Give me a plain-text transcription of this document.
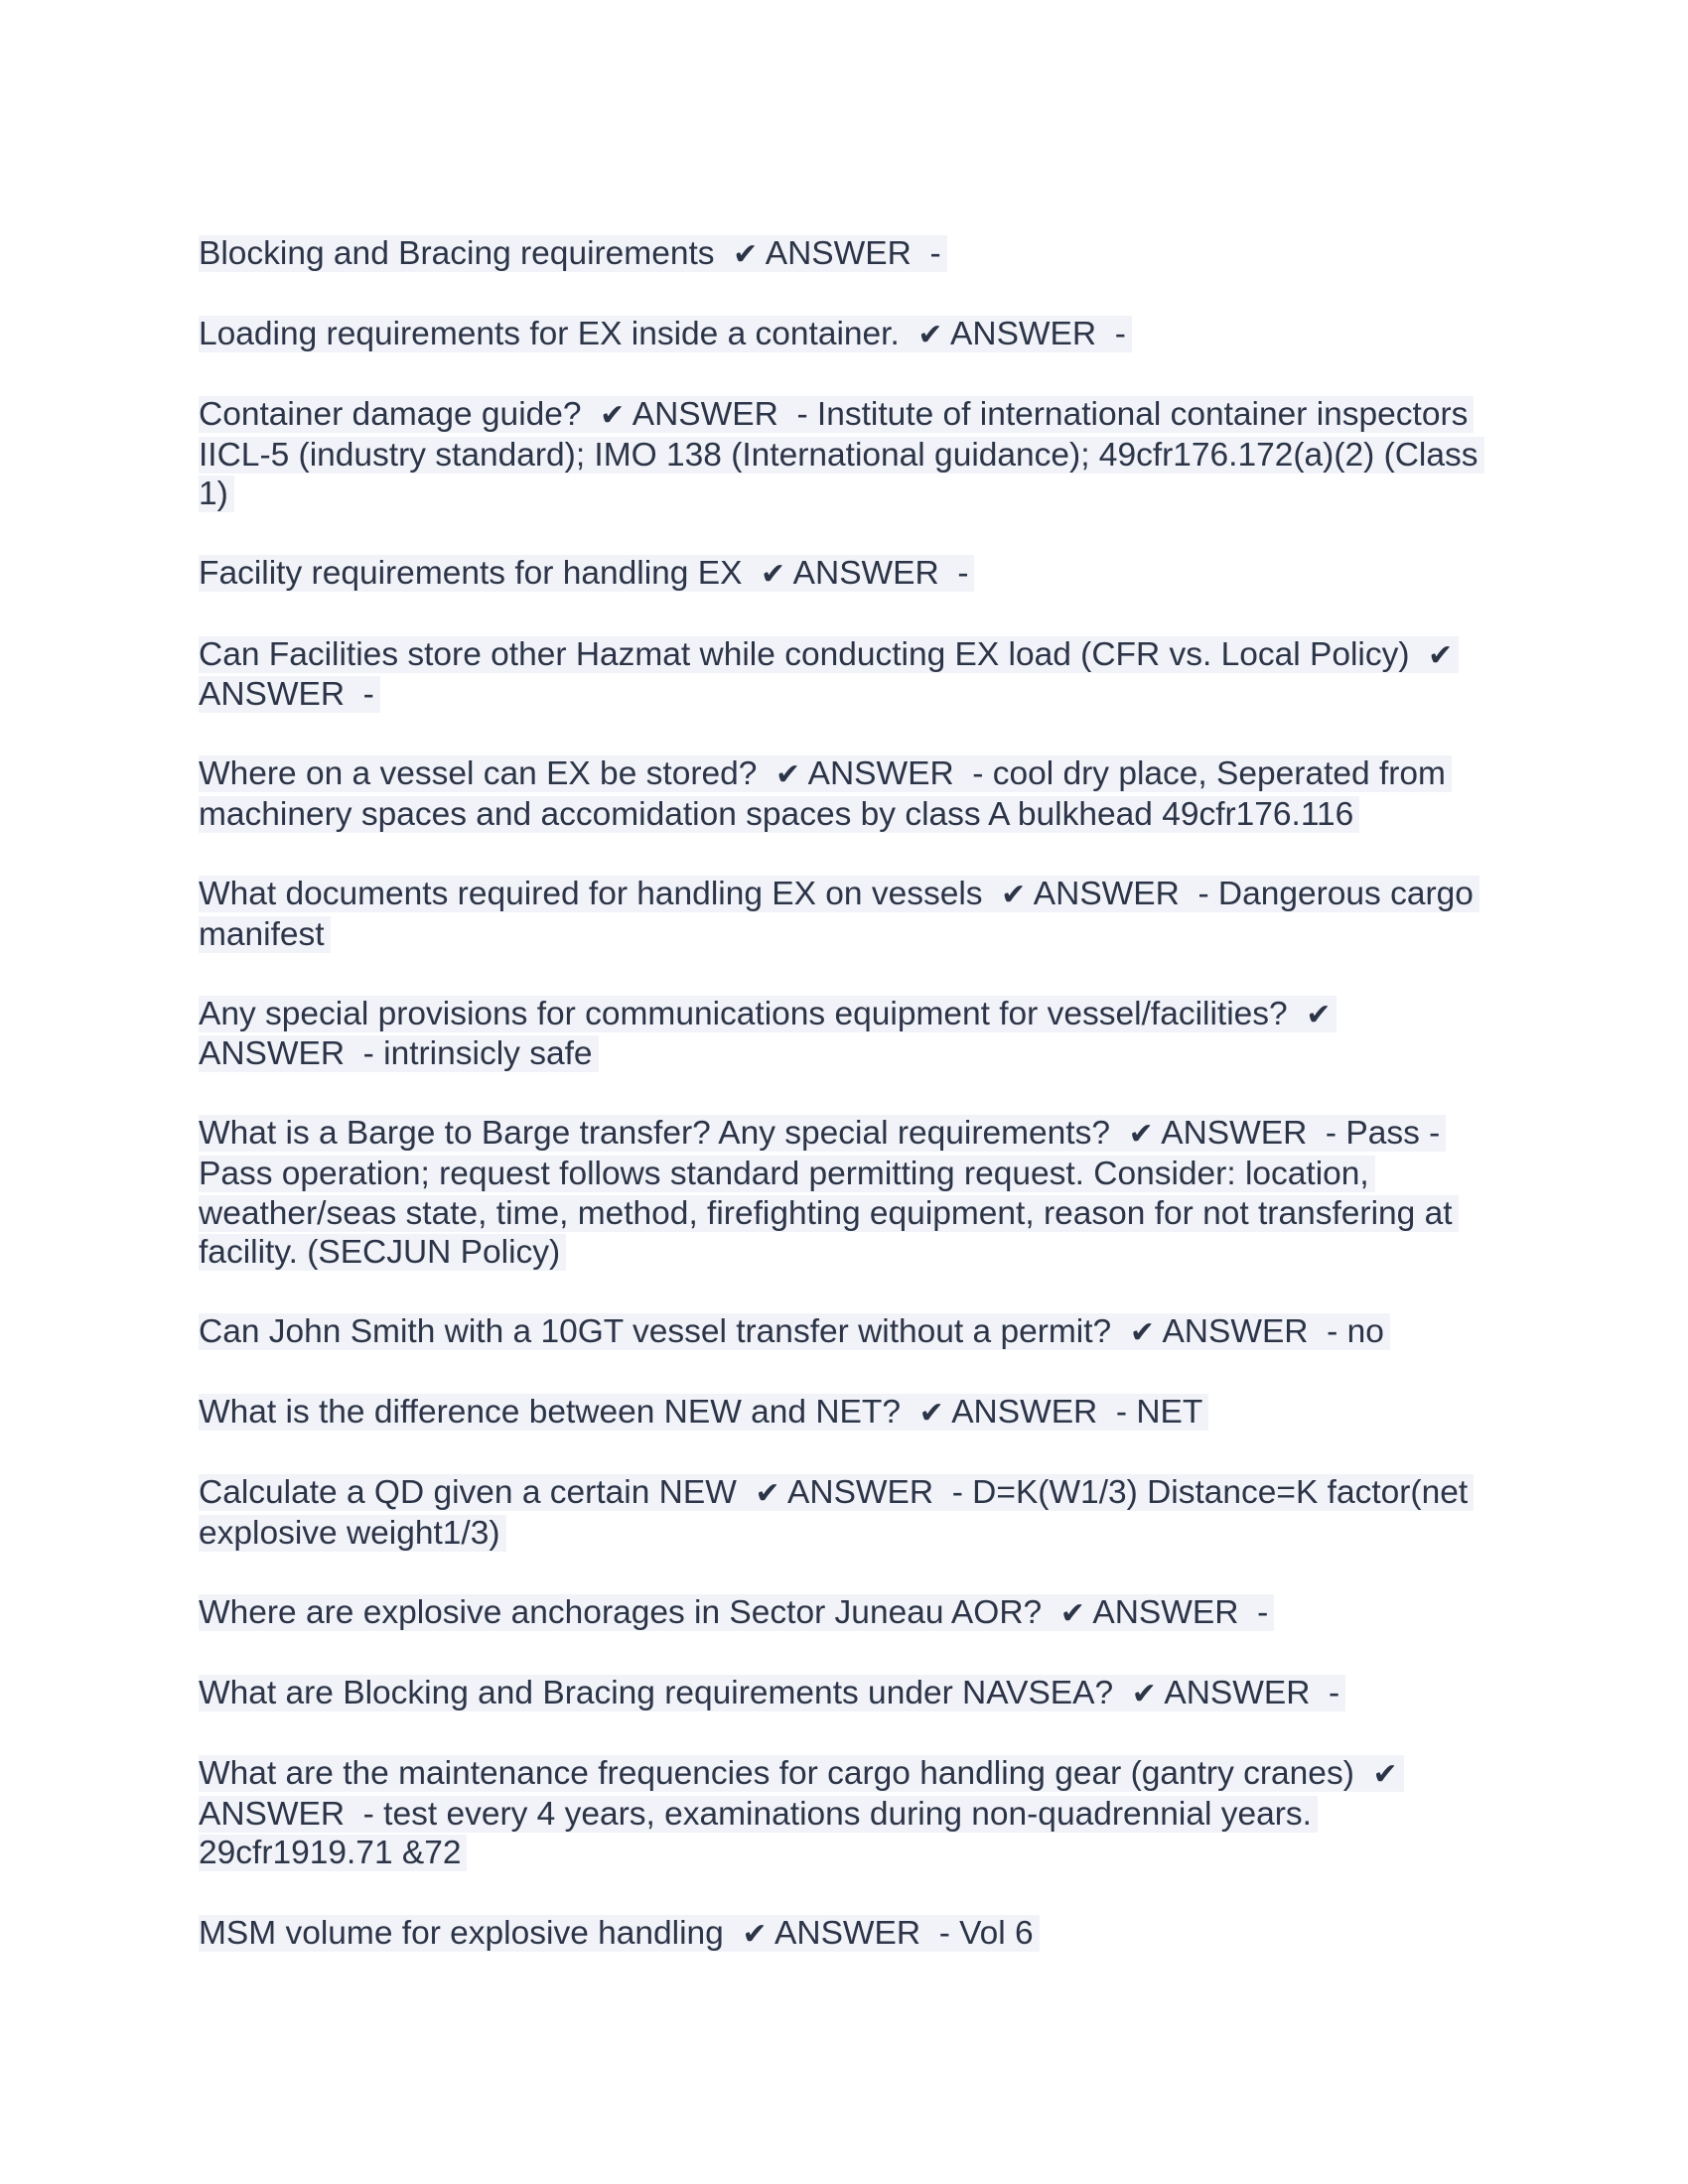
Blocking and Bracing requirements ✔ ANSWER -

Loading requirements for EX inside a container. ✔ ANSWER -

Container damage guide? ✔ ANSWER - Institute of international container inspectors IICL-5 (industry standard); IMO 138 (International guidance); 49cfr176.172(a)(2) (Class 1)

Facility requirements for handling EX ✔ ANSWER -

Can Facilities store other Hazmat while conducting EX load (CFR vs. Local Policy) ✔ ANSWER -

Where on a vessel can EX be stored? ✔ ANSWER - cool dry place, Seperated from machinery spaces and accomidation spaces by class A bulkhead 49cfr176.116

What documents required for handling EX on vessels ✔ ANSWER - Dangerous cargo manifest

Any special provisions for communications equipment for vessel/facilities? ✔ ANSWER - intrinsicly safe

What is a Barge to Barge transfer? Any special requirements? ✔ ANSWER - Pass - Pass operation; request follows standard permitting request. Consider: location, weather/seas state, time, method, firefighting equipment, reason for not transfering at facility. (SECJUN Policy)

Can John Smith with a 10GT vessel transfer without a permit? ✔ ANSWER - no

What is the difference between NEW and NET? ✔ ANSWER - NET

Calculate a QD given a certain NEW ✔ ANSWER - D=K(W1/3) Distance=K factor(net explosive weight1/3)

Where are explosive anchorages in Sector Juneau AOR? ✔ ANSWER -

What are Blocking and Bracing requirements under NAVSEA? ✔ ANSWER -

What are the maintenance frequencies for cargo handling gear (gantry cranes) ✔ ANSWER - test every 4 years, examinations during non-quadrennial years. 29cfr1919.71 &72

MSM volume for explosive handling ✔ ANSWER - Vol 6
